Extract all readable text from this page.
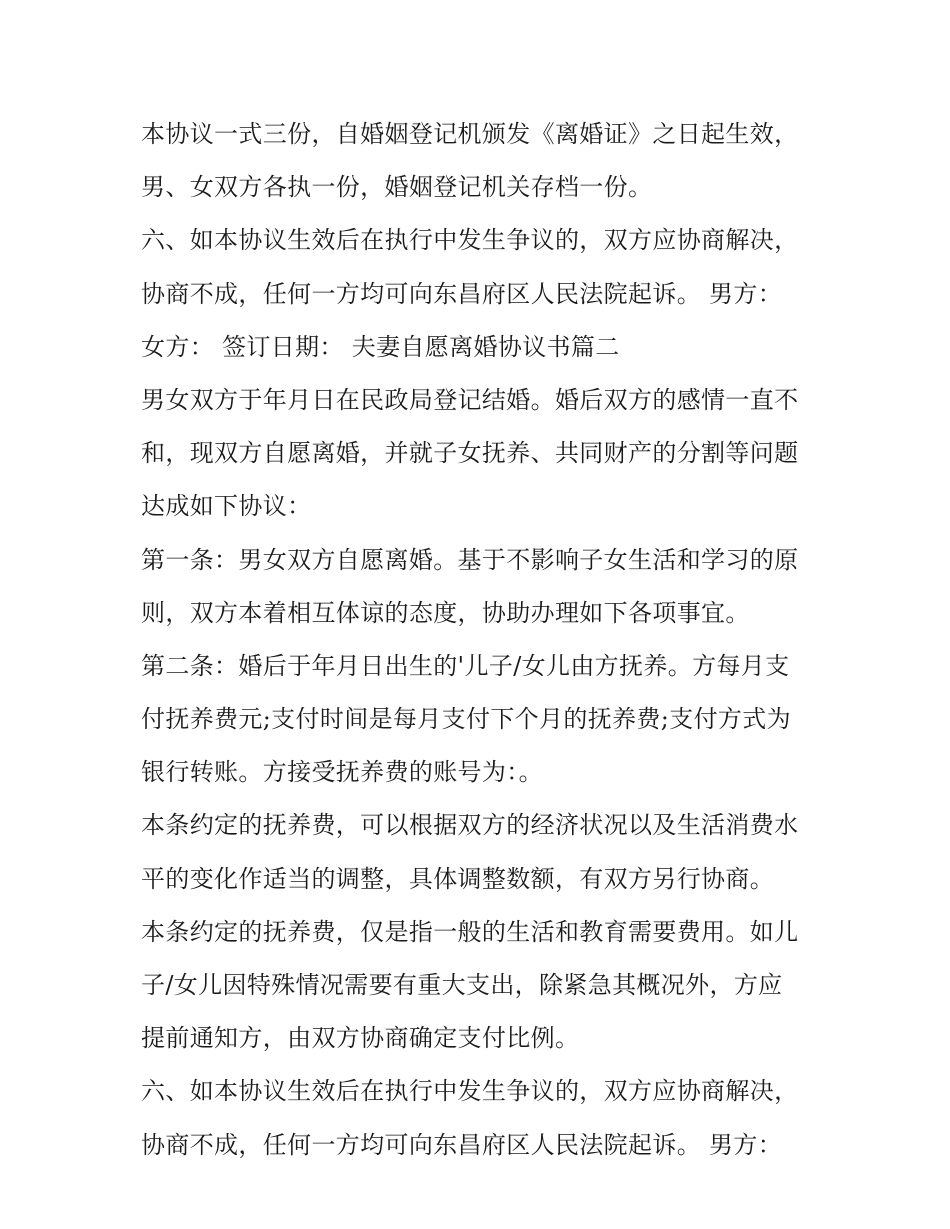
本协议一式三份，自婚姻登记机颁发《离婚证》之日起生效，
男、女双方各执一份，婚姻登记机关存档一份。
六、如本协议生效后在执行中发生争议的，双方应协商解决，
协商不成，任何一方均可向东昌府区人民法院起诉。 男方：
女方： 签订日期： 夫妻自愿离婚协议书篇二
男女双方于年月日在民政局登记结婚。婚后双方的感情一直不
和，现双方自愿离婚，并就子女抚养、共同财产的分割等问题
达成如下协议：
第一条：男女双方自愿离婚。基于不影响子女生活和学习的原
则，双方本着相互体谅的态度，协助办理如下各项事宜。
第二条：婚后于年月日出生的'儿子/女儿由方抚养。方每月支
付抚养费元;支付时间是每月支付下个月的抚养费;支付方式为
银行转账。方接受抚养费的账号为：。
本条约定的抚养费，可以根据双方的经济状况以及生活消费水
平的变化作适当的调整，具体调整数额，有双方另行协商。
本条约定的抚养费，仅是指一般的生活和教育需要费用。如儿
子/女儿因特殊情况需要有重大支出，除紧急其概况外，方应
提前通知方，由双方协商确定支付比例。
六、如本协议生效后在执行中发生争议的，双方应协商解决，
协商不成，任何一方均可向东昌府区人民法院起诉。 男方：
